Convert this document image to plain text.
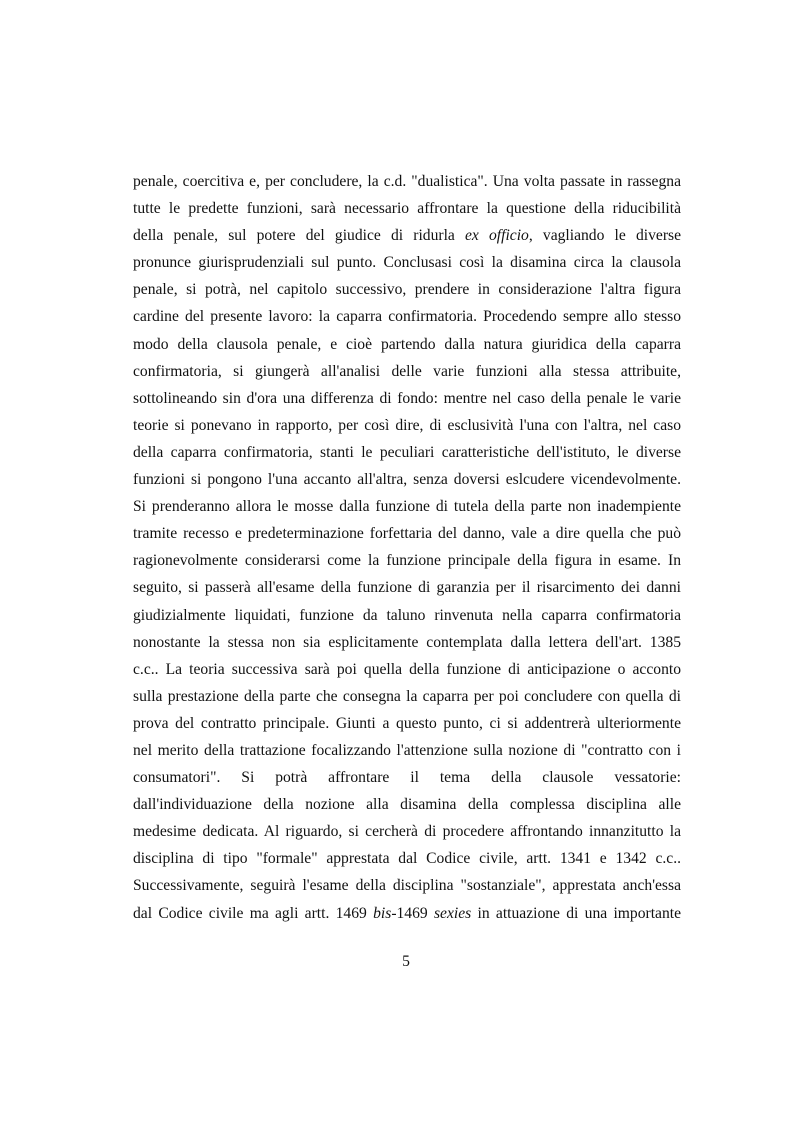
penale, coercitiva e, per concludere, la c.d. "dualistica". Una volta passate in rassegna
tutte le predette funzioni, sarà necessario affrontare la questione della riducibilità
della penale, sul potere del giudice di ridurla ex officio, vagliando le diverse
pronunce giurisprudenziali sul punto. Conclusasi così la disamina circa la clausola
penale, si potrà, nel capitolo successivo, prendere in considerazione l'altra figura
cardine del presente lavoro: la caparra confirmatoria. Procedendo sempre allo stesso
modo della clausola penale, e cioè partendo dalla natura giuridica della caparra
confirmatoria, si giungerà all'analisi delle varie funzioni alla stessa attribuite,
sottolineando sin d'ora una differenza di fondo: mentre nel caso della penale le varie
teorie si ponevano in rapporto, per così dire, di esclusività l'una con l'altra, nel caso
della caparra confirmatoria, stanti le peculiari caratteristiche dell'istituto, le diverse
funzioni si pongono l'una accanto all'altra, senza doversi eslcudere vicendevolmente.
Si prenderanno allora le mosse dalla funzione di tutela della parte non inadempiente
tramite recesso e predeterminazione forfettaria del danno, vale a dire quella che può
ragionevolmente considerarsi come la funzione principale della figura in esame. In
seguito, si passerà all'esame della funzione di garanzia per il risarcimento dei danni
giudizialmente liquidati, funzione da taluno rinvenuta nella caparra confirmatoria
nonostante la stessa non sia esplicitamente contemplata dalla lettera dell'art. 1385
c.c.. La teoria successiva sarà poi quella della funzione di anticipazione o acconto
sulla prestazione della parte che consegna la caparra per poi concludere con quella di
prova del contratto principale. Giunti a questo punto, ci si addentrerà ulteriormente
nel merito della trattazione focalizzando l'attenzione sulla nozione di "contratto con i
consumatori". Si potrà affrontare il tema della clausole vessatorie:
dall'individuazione della nozione alla disamina della complessa disciplina alle
medesime dedicata. Al riguardo, si cercherà di procedere affrontando innanzitutto la
disciplina di tipo "formale" apprestata dal Codice civile, artt. 1341 e 1342 c.c..
Successivamente, seguirà l'esame della disciplina "sostanziale", apprestata anch'essa
dal Codice civile ma agli artt. 1469 bis-1469 sexies in attuazione di una importante
5
